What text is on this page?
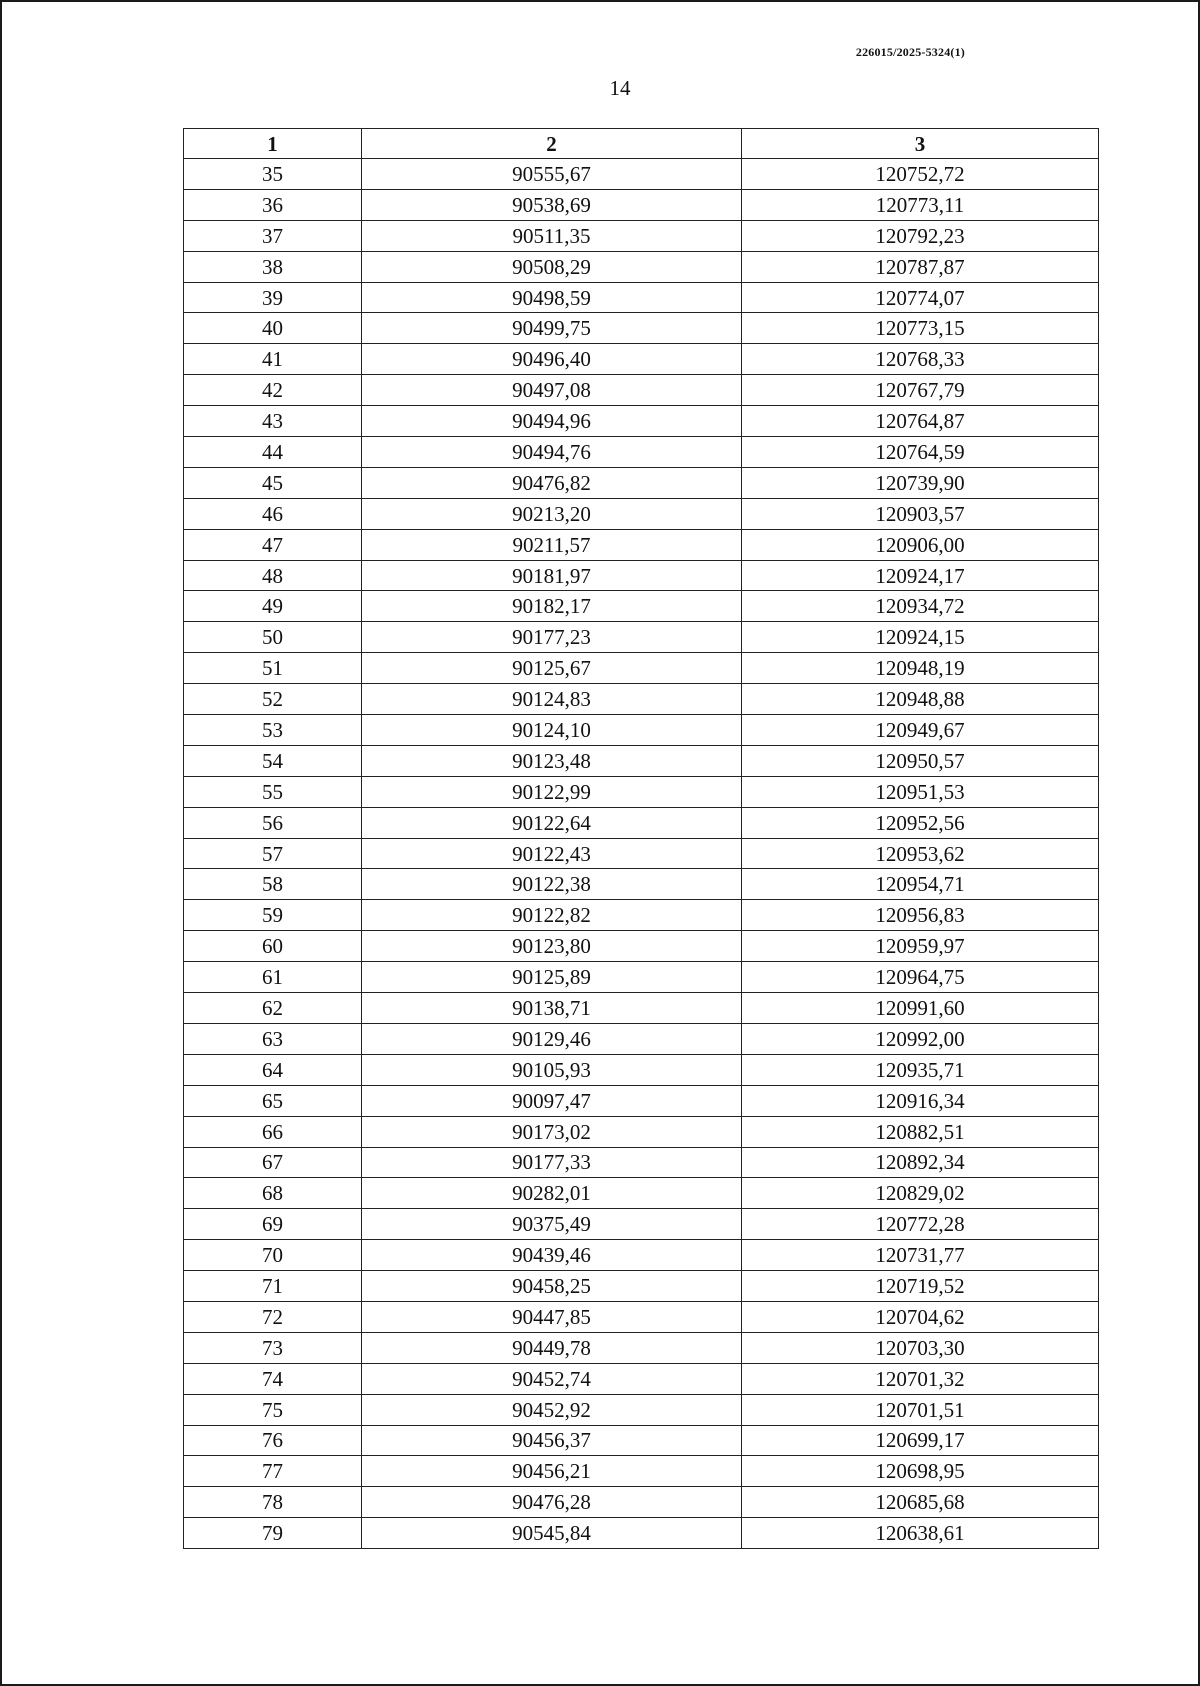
226015/2025-5324(1)
14
1	2	3
35	90555,67	120752,72
36	90538,69	120773,11
37	90511,35	120792,23
38	90508,29	120787,87
39	90498,59	120774,07
40	90499,75	120773,15
41	90496,40	120768,33
42	90497,08	120767,79
43	90494,96	120764,87
44	90494,76	120764,59
45	90476,82	120739,90
46	90213,20	120903,57
47	90211,57	120906,00
48	90181,97	120924,17
49	90182,17	120934,72
50	90177,23	120924,15
51	90125,67	120948,19
52	90124,83	120948,88
53	90124,10	120949,67
54	90123,48	120950,57
55	90122,99	120951,53
56	90122,64	120952,56
57	90122,43	120953,62
58	90122,38	120954,71
59	90122,82	120956,83
60	90123,80	120959,97
61	90125,89	120964,75
62	90138,71	120991,60
63	90129,46	120992,00
64	90105,93	120935,71
65	90097,47	120916,34
66	90173,02	120882,51
67	90177,33	120892,34
68	90282,01	120829,02
69	90375,49	120772,28
70	90439,46	120731,77
71	90458,25	120719,52
72	90447,85	120704,62
73	90449,78	120703,30
74	90452,74	120701,32
75	90452,92	120701,51
76	90456,37	120699,17
77	90456,21	120698,95
78	90476,28	120685,68
79	90545,84	120638,61
